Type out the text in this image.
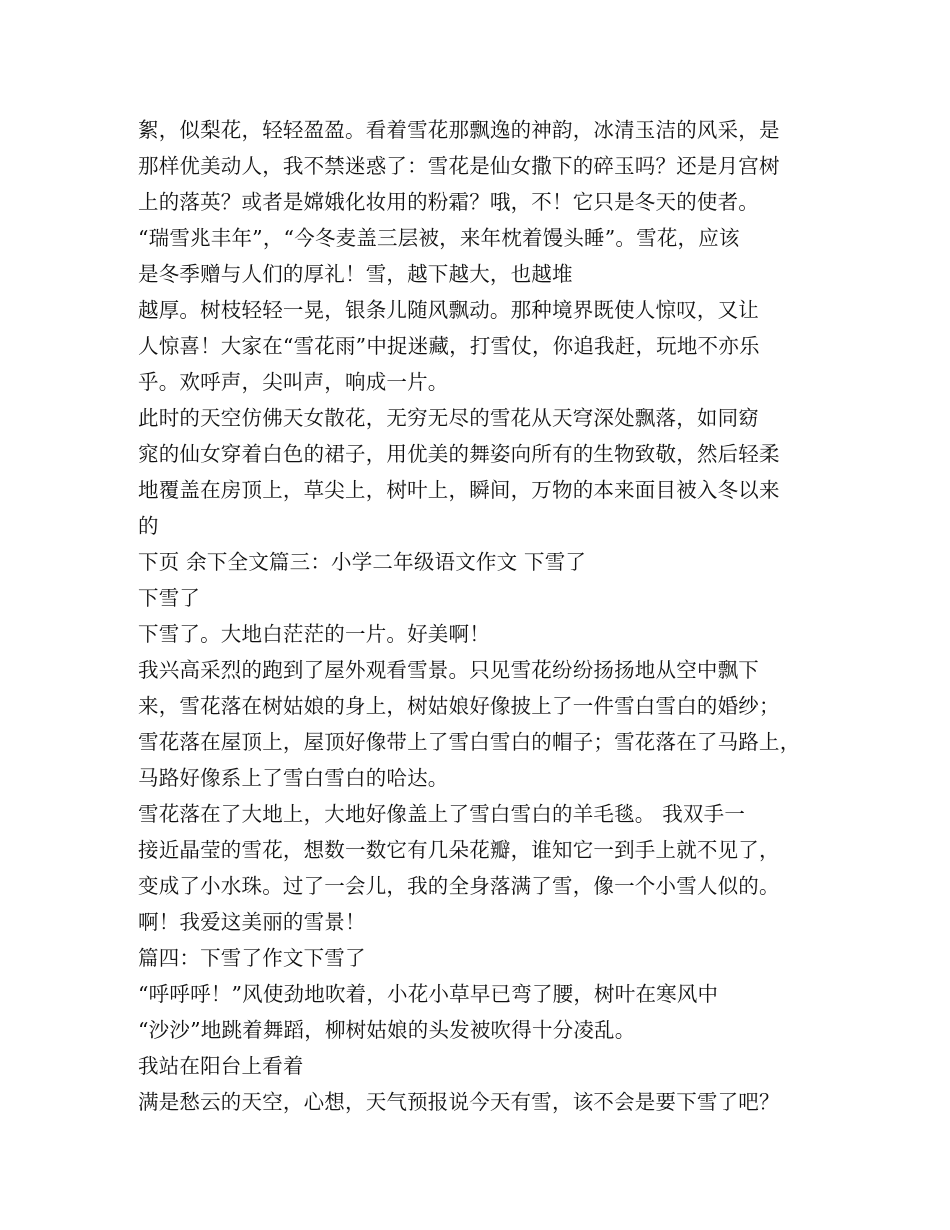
絮，似梨花，轻轻盈盈。看着雪花那飘逸的神韵，冰清玉洁的风采，是
那样优美动人，我不禁迷惑了：雪花是仙女撒下的碎玉吗？还是月宫树
上的落英？或者是嫦娥化妆用的粉霜？哦，不！它只是冬天的使者。
“瑞雪兆丰年”，“今冬麦盖三层被，来年枕着馒头睡”。雪花，应该
是冬季赠与人们的厚礼！雪，越下越大，也越堆
越厚。树枝轻轻一晃，银条儿随风飘动。那种境界既使人惊叹，又让
人惊喜！大家在“雪花雨”中捉迷藏，打雪仗，你追我赶，玩地不亦乐
乎。欢呼声，尖叫声，响成一片。
此时的天空仿佛天女散花，无穷无尽的雪花从天穹深处飘落，如同窈
窕的仙女穿着白色的裙子，用优美的舞姿向所有的生物致敬，然后轻柔
地覆盖在房顶上，草尖上，树叶上，瞬间，万物的本来面目被入冬以来
的
下页 余下全文篇三：小学二年级语文作文 下雪了
下雪了
下雪了。大地白茫茫的一片。好美啊！
我兴高采烈的跑到了屋外观看雪景。只见雪花纷纷扬扬地从空中飘下
来，雪花落在树姑娘的身上，树姑娘好像披上了一件雪白雪白的婚纱；
雪花落在屋顶上，屋顶好像带上了雪白雪白的帽子；雪花落在了马路上，
马路好像系上了雪白雪白的哈达。
雪花落在了大地上，大地好像盖上了雪白雪白的羊毛毯。 我双手一
接近晶莹的雪花，想数一数它有几朵花瓣，谁知它一到手上就不见了，
变成了小水珠。过了一会儿，我的全身落满了雪，像一个小雪人似的。
啊！我爱这美丽的雪景！
篇四：下雪了作文下雪了
“呼呼呼！”风使劲地吹着，小花小草早已弯了腰，树叶在寒风中
“沙沙”地跳着舞蹈，柳树姑娘的头发被吹得十分凌乱。
我站在阳台上看着
满是愁云的天空，心想，天气预报说今天有雪，该不会是要下雪了吧？
